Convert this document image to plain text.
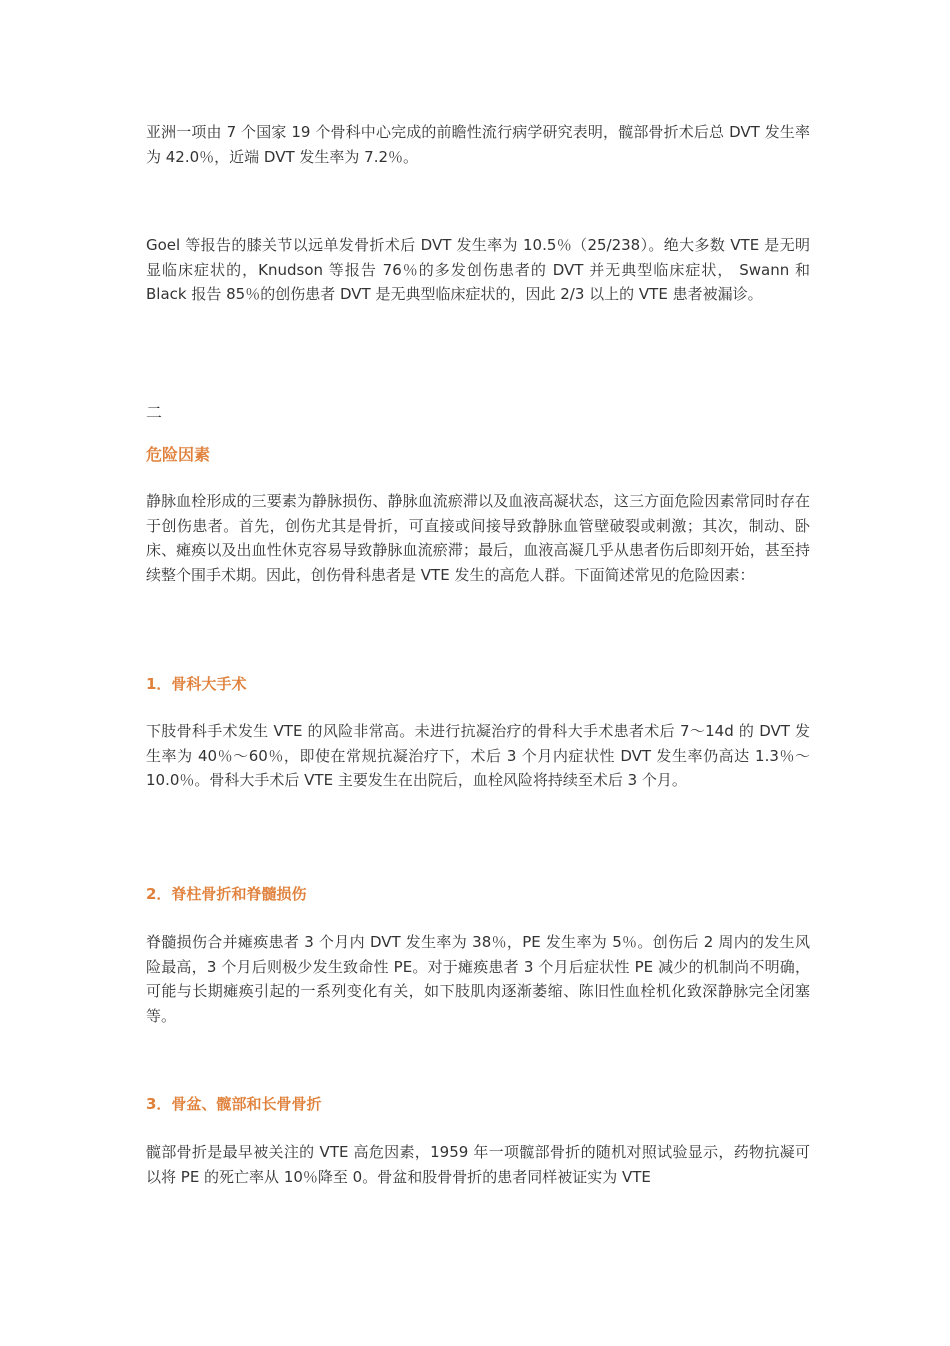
亚洲一项由 7 个国家 19 个骨科中心完成的前瞻性流行病学研究表明，髋部骨折术后总 DVT 发生率为 42.0％，近端 DVT 发生率为 7.2％。

Goel 等报告的膝关节以远单发骨折术后 DVT 发生率为 10.5％（25/238）。绝大多数 VTE 是无明显临床症状的，Knudson 等报告 76％的多发创伤患者的 DVT 并无典型临床症状， Swann 和 Black 报告 85％的创伤患者 DVT 是无典型临床症状的，因此 2/3 以上的 VTE 患者被漏诊。

二

危险因素

静脉血栓形成的三要素为静脉损伤、静脉血流瘀滞以及血液高凝状态，这三方面危险因素常同时存在于创伤患者。首先，创伤尤其是骨折，可直接或间接导致静脉血管壁破裂或刺激；其次，制动、卧床、瘫痪以及出血性休克容易导致静脉血流瘀滞；最后，血液高凝几乎从患者伤后即刻开始，甚至持续整个围手术期。因此，创伤骨科患者是 VTE 发生的高危人群。下面简述常见的危险因素：

1．骨科大手术

下肢骨科手术发生 VTE 的风险非常高。未进行抗凝治疗的骨科大手术患者术后 7～14d 的 DVT 发生率为 40％～60％，即使在常规抗凝治疗下，术后 3 个月内症状性 DVT 发生率仍高达 1.3％～10.0％。骨科大手术后 VTE 主要发生在出院后，血栓风险将持续至术后 3 个月。

2．脊柱骨折和脊髓损伤

脊髓损伤合并瘫痪患者 3 个月内 DVT 发生率为 38％，PE 发生率为 5％。创伤后 2 周内的发生风险最高，3 个月后则极少发生致命性 PE。对于瘫痪患者 3 个月后症状性 PE 减少的机制尚不明确，可能与长期瘫痪引起的一系列变化有关，如下肢肌肉逐渐萎缩、陈旧性血栓机化致深静脉完全闭塞等。

3．骨盆、髋部和长骨骨折

髋部骨折是最早被关注的 VTE 高危因素，1959 年一项髋部骨折的随机对照试验显示，药物抗凝可以将 PE 的死亡率从 10％降至 0。骨盆和股骨骨折的患者同样被证实为 VTE
